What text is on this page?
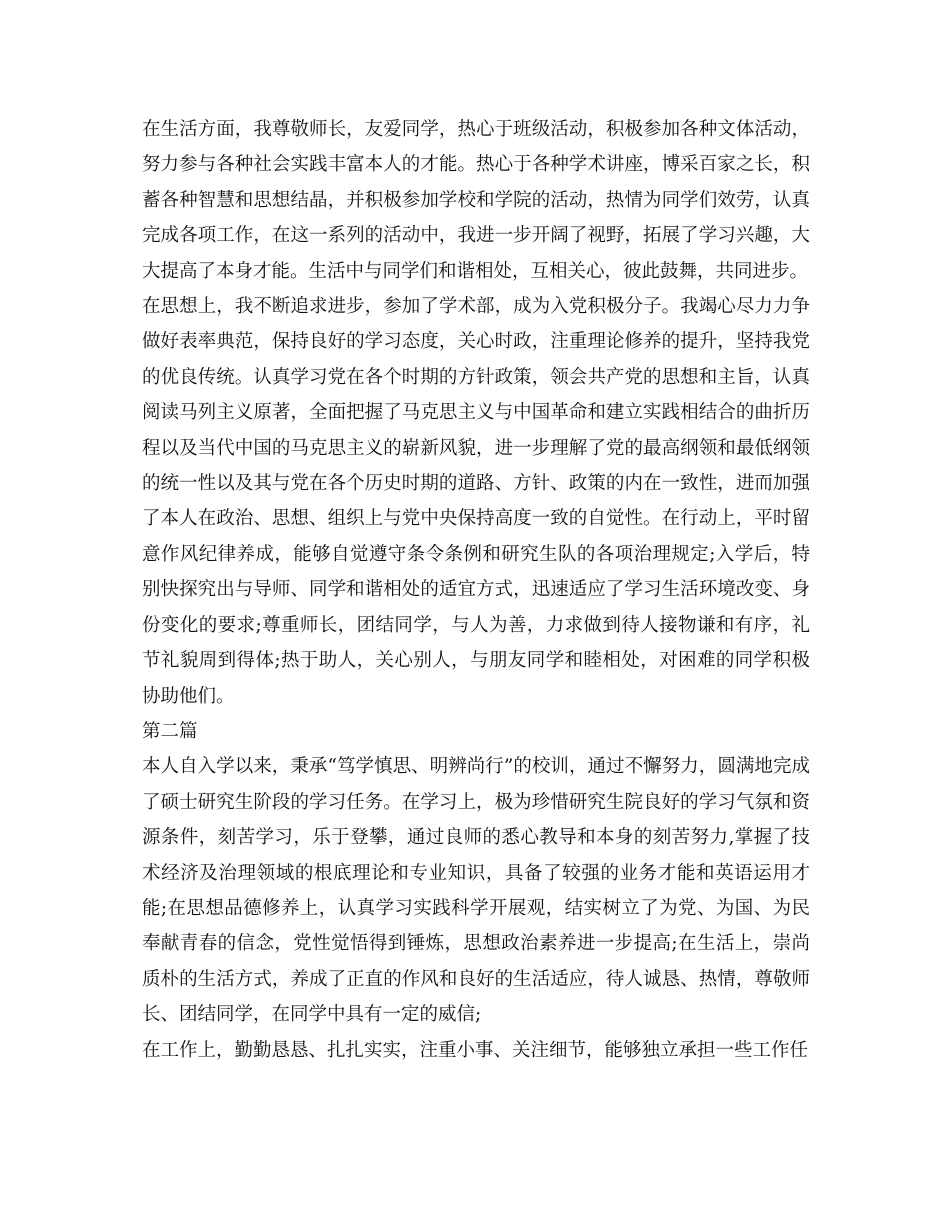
在生活方面，我尊敬师长，友爱同学，热心于班级活动，积极参加各种文体活动，努力参与各种社会实践丰富本人的才能。热心于各种学术讲座，博采百家之长，积蓄各种智慧和思想结晶，并积极参加学校和学院的活动，热情为同学们效劳，认真完成各项工作，在这一系列的活动中，我进一步开阔了视野，拓展了学习兴趣，大大提高了本身才能。生活中与同学们和谐相处，互相关心，彼此鼓舞，共同进步。

在思想上，我不断追求进步，参加了学术部，成为入党积极分子。我竭心尽力力争做好表率典范，保持良好的学习态度，关心时政，注重理论修养的提升，坚持我党的优良传统。认真学习党在各个时期的方针政策，领会共产党的思想和主旨，认真阅读马列主义原著，全面把握了马克思主义与中国革命和建立实践相结合的曲折历程以及当代中国的马克思主义的崭新风貌，进一步理解了党的最高纲领和最低纲领的统一性以及其与党在各个历史时期的道路、方针、政策的内在一致性，进而加强了本人在政治、思想、组织上与党中央保持高度一致的自觉性。在行动上，平时留意作风纪律养成，能够自觉遵守条令条例和研究生队的各项治理规定;入学后，特别快探究出与导师、同学和谐相处的适宜方式，迅速适应了学习生活环境改变、身份变化的要求;尊重师长，团结同学，与人为善，力求做到待人接物谦和有序，礼节礼貌周到得体;热于助人，关心别人，与朋友同学和睦相处，对困难的同学积极协助他们。

第二篇

本人自入学以来，秉承“笃学慎思、明辨尚行”的校训，通过不懈努力，圆满地完成了硕士研究生阶段的学习任务。在学习上，极为珍惜研究生院良好的学习气氛和资源条件，刻苦学习，乐于登攀，通过良师的悉心教导和本身的刻苦努力,掌握了技术经济及治理领域的根底理论和专业知识，具备了较强的业务才能和英语运用才能;在思想品德修养上，认真学习实践科学开展观，结实树立了为党、为国、为民奉献青春的信念，党性觉悟得到锤炼，思想政治素养进一步提高;在生活上，崇尚质朴的生活方式，养成了正直的作风和良好的生活适应，待人诚恳、热情，尊敬师长、团结同学，在同学中具有一定的威信;

在工作上，勤勤恳恳、扎扎实实，注重小事、关注细节，能够独立承担一些工作任
